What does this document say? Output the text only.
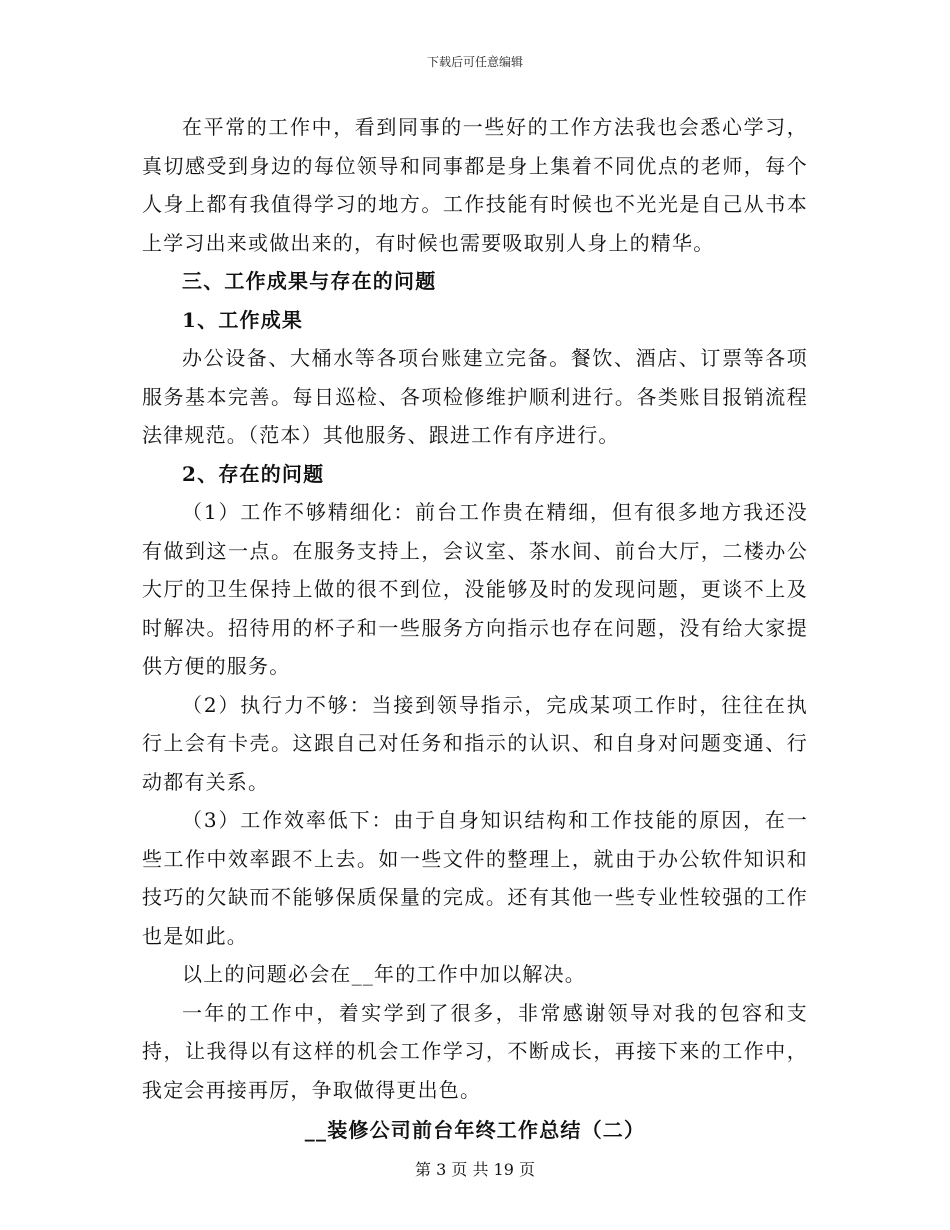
下载后可任意编辑

在平常的工作中，看到同事的一些好的工作方法我也会悉心学习，真切感受到身边的每位领导和同事都是身上集着不同优点的老师，每个人身上都有我值得学习的地方。工作技能有时候也不光光是自己从书本上学习出来或做出来的，有时候也需要吸取别人身上的精华。

三、工作成果与存在的问题

1、工作成果

办公设备、大桶水等各项台账建立完备。餐饮、酒店、订票等各项服务基本完善。每日巡检、各项检修维护顺利进行。各类账目报销流程法律规范。（范本）其他服务、跟进工作有序进行。

2、存在的问题

（1）工作不够精细化：前台工作贵在精细，但有很多地方我还没有做到这一点。在服务支持上，会议室、茶水间、前台大厅，二楼办公大厅的卫生保持上做的很不到位，没能够及时的发现问题，更谈不上及时解决。招待用的杯子和一些服务方向指示也存在问题，没有给大家提供方便的服务。

（2）执行力不够：当接到领导指示，完成某项工作时，往往在执行上会有卡壳。这跟自己对任务和指示的认识、和自身对问题变通、行动都有关系。

（3）工作效率低下：由于自身知识结构和工作技能的原因，在一些工作中效率跟不上去。如一些文件的整理上，就由于办公软件知识和技巧的欠缺而不能够保质保量的完成。还有其他一些专业性较强的工作也是如此。

以上的问题必会在__年的工作中加以解决。

一年的工作中，着实学到了很多，非常感谢领导对我的包容和支持，让我得以有这样的机会工作学习，不断成长，再接下来的工作中，我定会再接再厉，争取做得更出色。

__装修公司前台年终工作总结（二）

第 3 页 共 19 页
